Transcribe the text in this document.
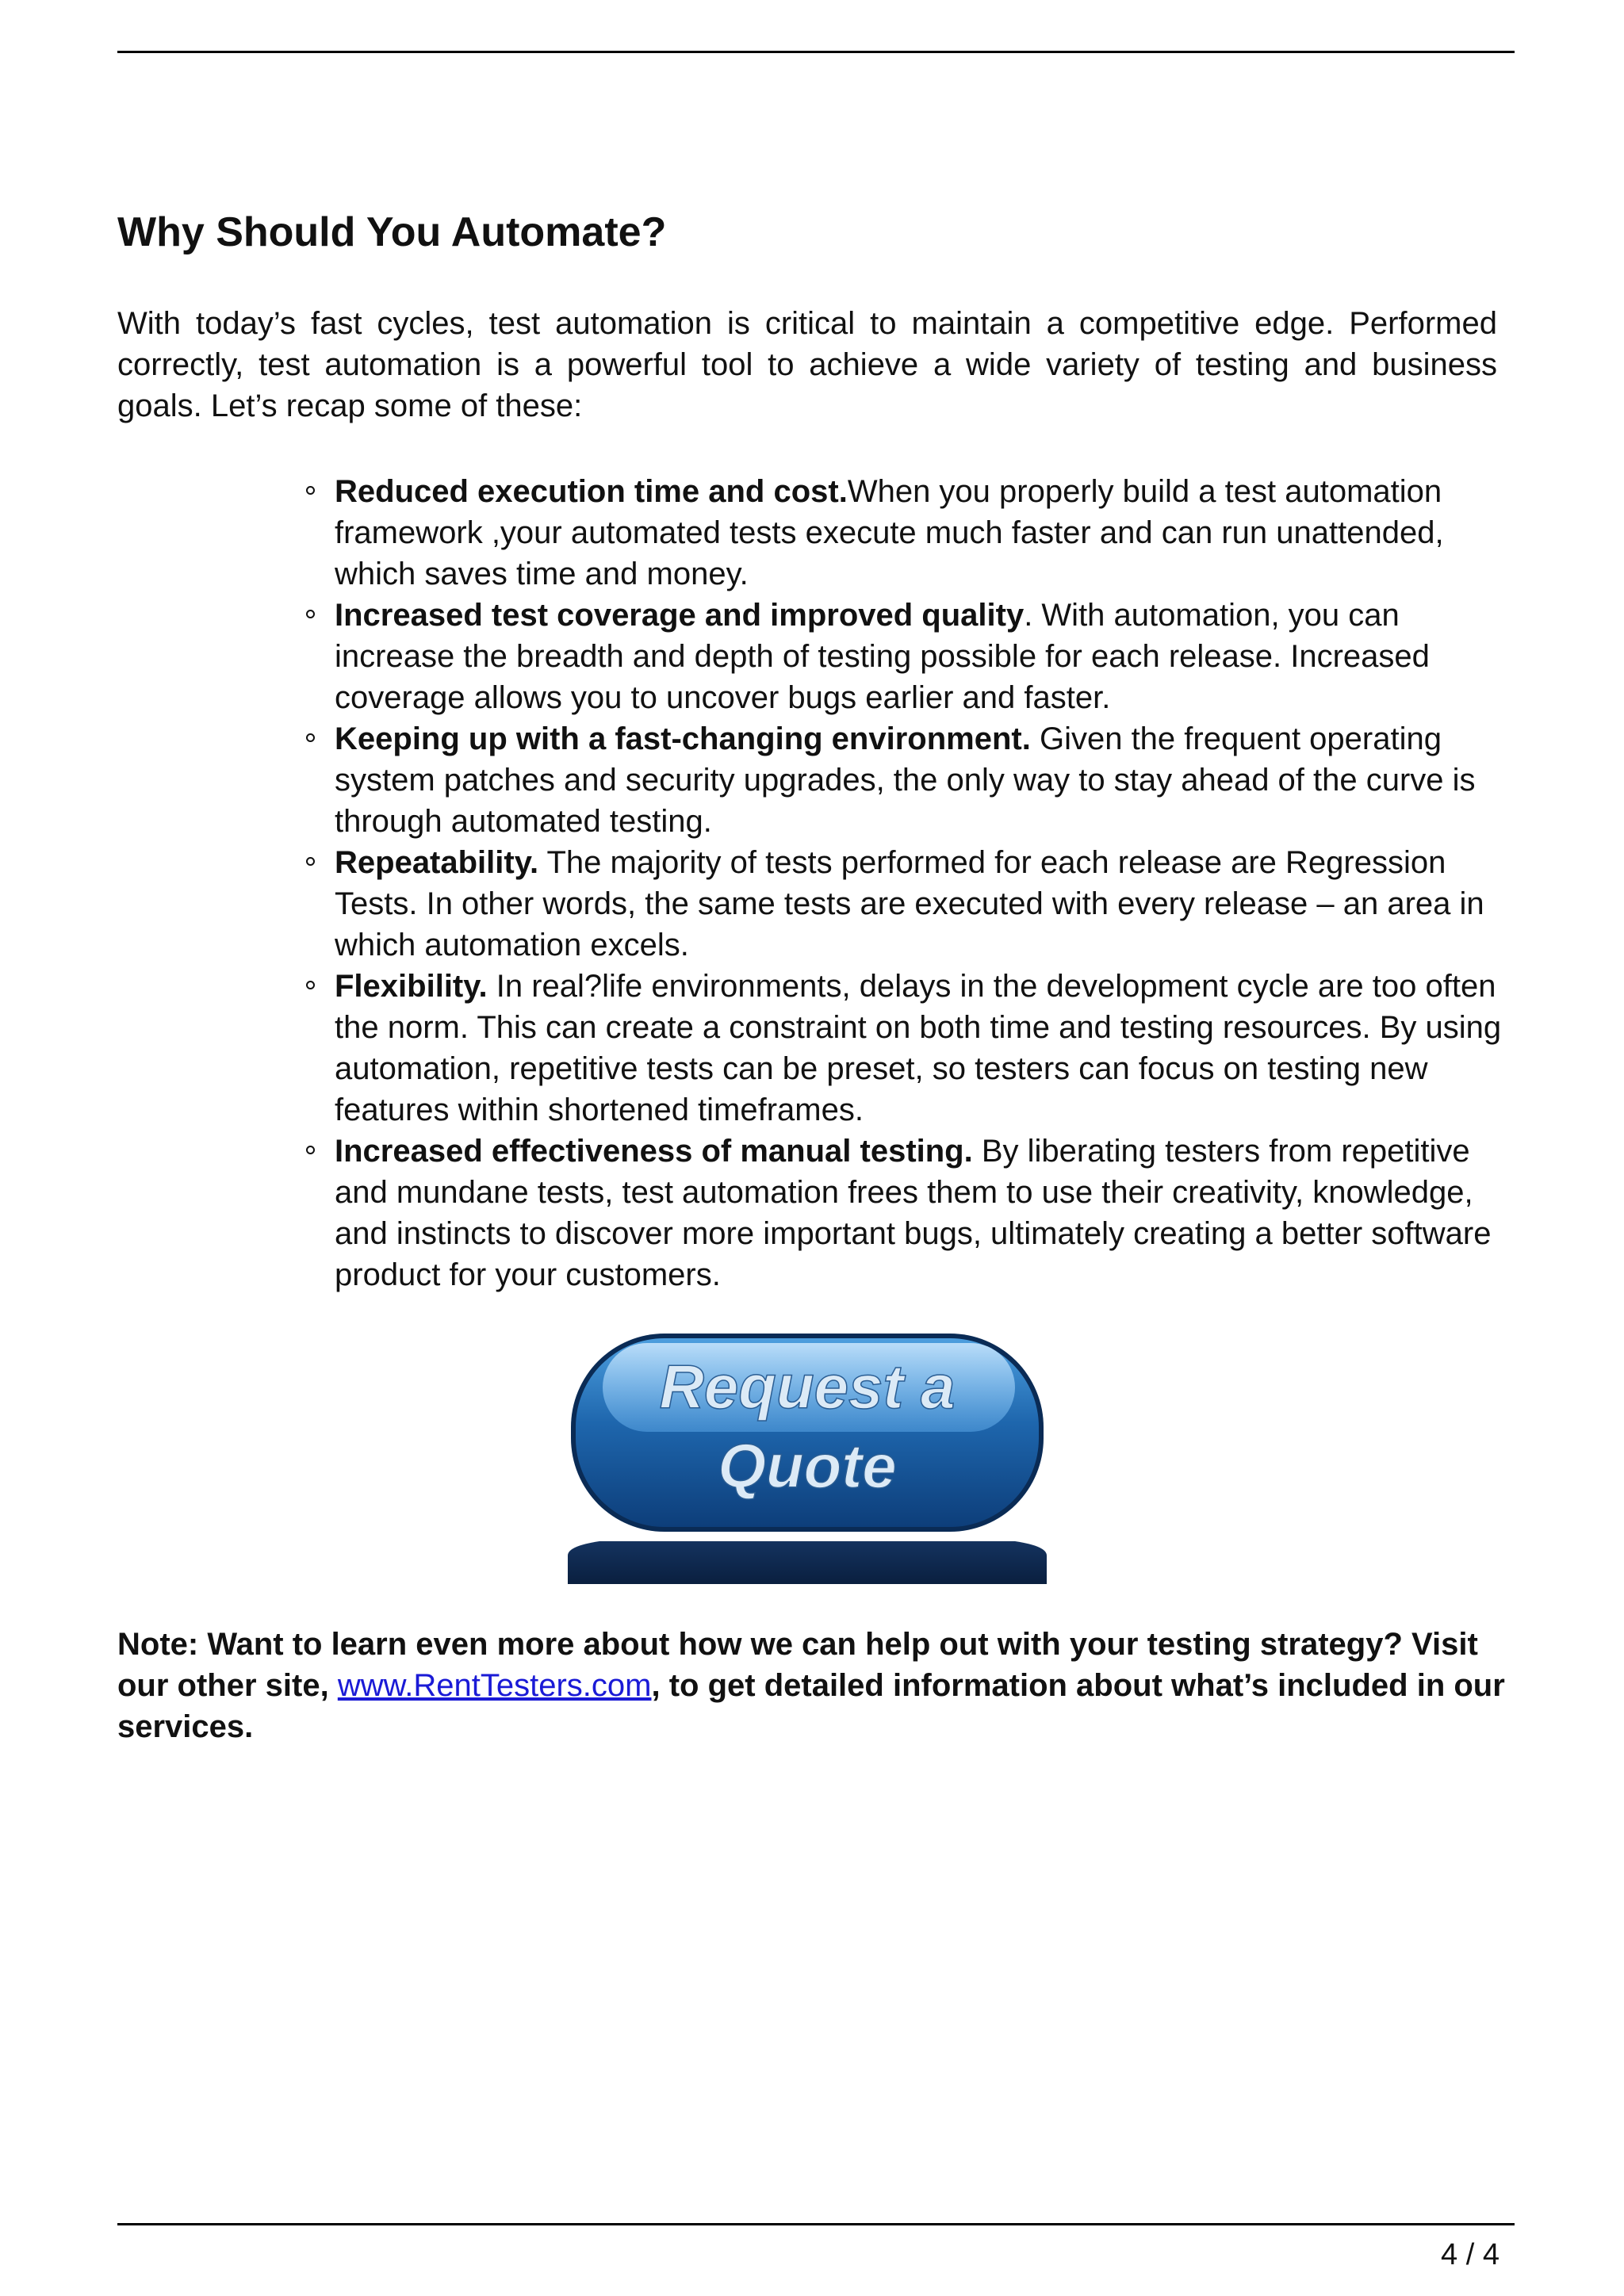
Why Should You Automate?

With today’s fast cycles, test automation is critical to maintain a competitive edge. Performed correctly, test automation is a powerful tool to achieve a wide variety of testing and business goals. Let’s recap some of these:

Reduced execution time and cost.When you properly build a test automation framework ,your automated tests execute much faster and can run unattended, which saves time and money.
Increased test coverage and improved quality. With automation, you can increase the breadth and depth of testing possible for each release. Increased coverage allows you to uncover bugs earlier and faster.
Keeping up with a fast-changing environment. Given the frequent operating system patches and security upgrades, the only way to stay ahead of the curve is through automated testing.
Repeatability. The majority of tests performed for each release are Regression Tests. In other words, the same tests are executed with every release – an area in which automation excels.
Flexibility. In real?life environments, delays in the development cycle are too often the norm. This can create a constraint on both time and testing resources. By using automation, repetitive tests can be preset, so testers can focus on testing new features within shortened timeframes.
Increased effectiveness of manual testing. By liberating testers from repetitive and mundane tests, test automation frees them to use their creativity, knowledge, and instincts to discover more important bugs, ultimately creating a better software product for your customers.
Request a
Quote

Note: Want to learn even more about how we can help out with your testing strategy? Visit our other site, www.RentTesters.com, to get detailed information about what’s included in our services.

4 / 4
